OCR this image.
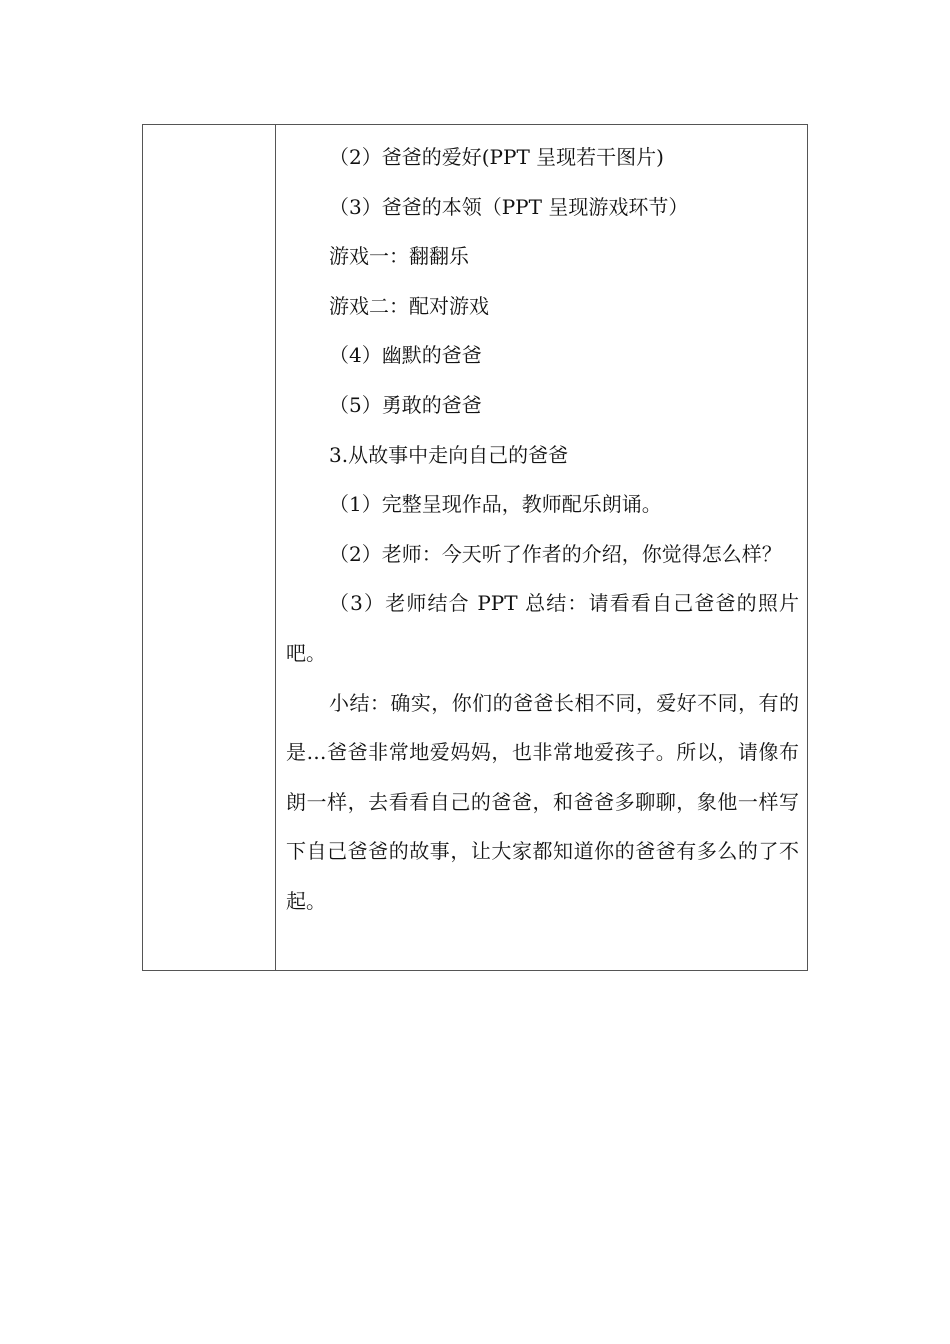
（2）爸爸的爱好(PPT 呈现若干图片)

（3）爸爸的本领（PPT 呈现游戏环节）

游戏一：翻翻乐

游戏二：配对游戏

（4）幽默的爸爸

（5）勇敢的爸爸

3.从故事中走向自己的爸爸

（1）完整呈现作品，教师配乐朗诵。

（2）老师：今天听了作者的介绍，你觉得怎么样？

（3）老师结合 PPT 总结：请看看自己爸爸的照片吧。

小结：确实，你们的爸爸长相不同，爱好不同，有的是…爸爸非常地爱妈妈，也非常地爱孩子。所以，请像布朗一样，去看看自己的爸爸，和爸爸多聊聊，象他一样写下自己爸爸的故事，让大家都知道你的爸爸有多么的了不起。
